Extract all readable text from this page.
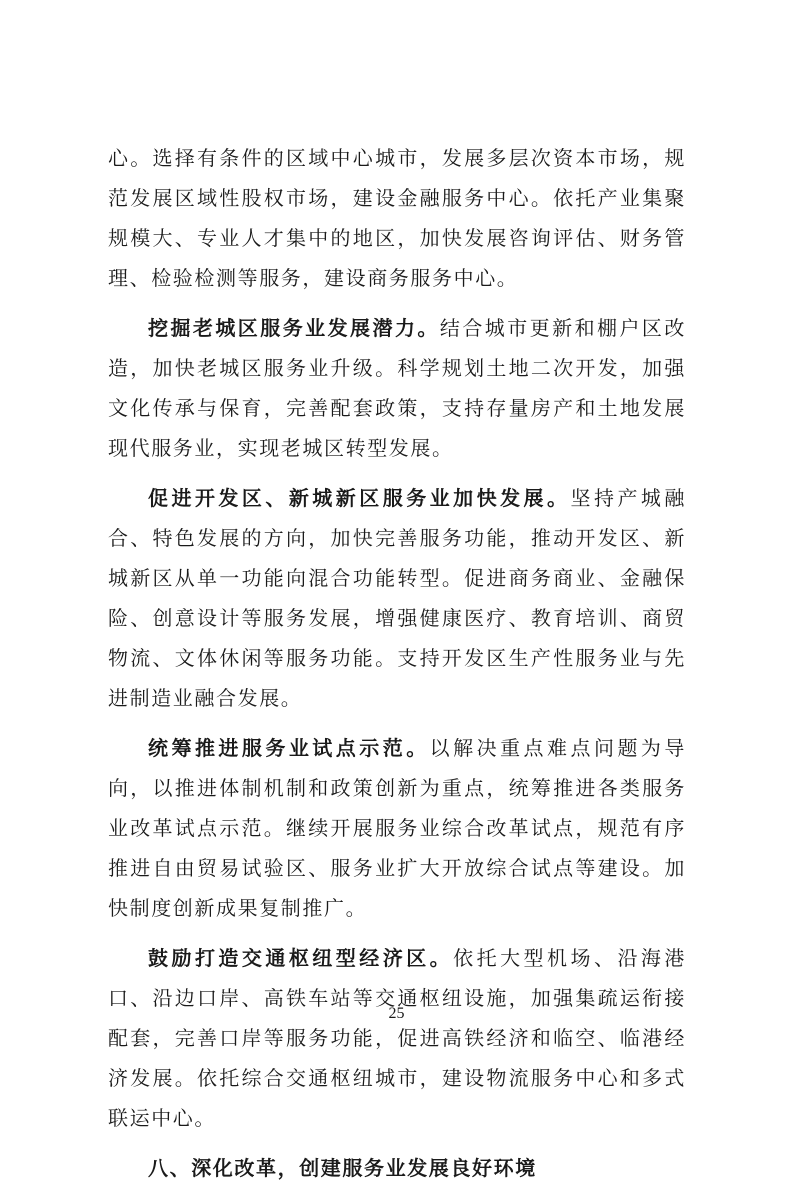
心。选择有条件的区域中心城市，发展多层次资本市场，规范发展区域性股权市场，建设金融服务中心。依托产业集聚规模大、专业人才集中的地区，加快发展咨询评估、财务管理、检验检测等服务，建设商务服务中心。

挖掘老城区服务业发展潜力。结合城市更新和棚户区改造，加快老城区服务业升级。科学规划土地二次开发，加强文化传承与保育，完善配套政策，支持存量房产和土地发展现代服务业，实现老城区转型发展。

促进开发区、新城新区服务业加快发展。坚持产城融合、特色发展的方向，加快完善服务功能，推动开发区、新城新区从单一功能向混合功能转型。促进商务商业、金融保险、创意设计等服务发展，增强健康医疗、教育培训、商贸物流、文体休闲等服务功能。支持开发区生产性服务业与先进制造业融合发展。

统筹推进服务业试点示范。以解决重点难点问题为导向，以推进体制机制和政策创新为重点，统筹推进各类服务业改革试点示范。继续开展服务业综合改革试点，规范有序推进自由贸易试验区、服务业扩大开放综合试点等建设。加快制度创新成果复制推广。

鼓励打造交通枢纽型经济区。依托大型机场、沿海港口、沿边口岸、高铁车站等交通枢纽设施，加强集疏运衔接配套，完善口岸等服务功能，促进高铁经济和临空、临港经济发展。依托综合交通枢纽城市，建设物流服务中心和多式联运中心。

八、深化改革，创建服务业发展良好环境
25
